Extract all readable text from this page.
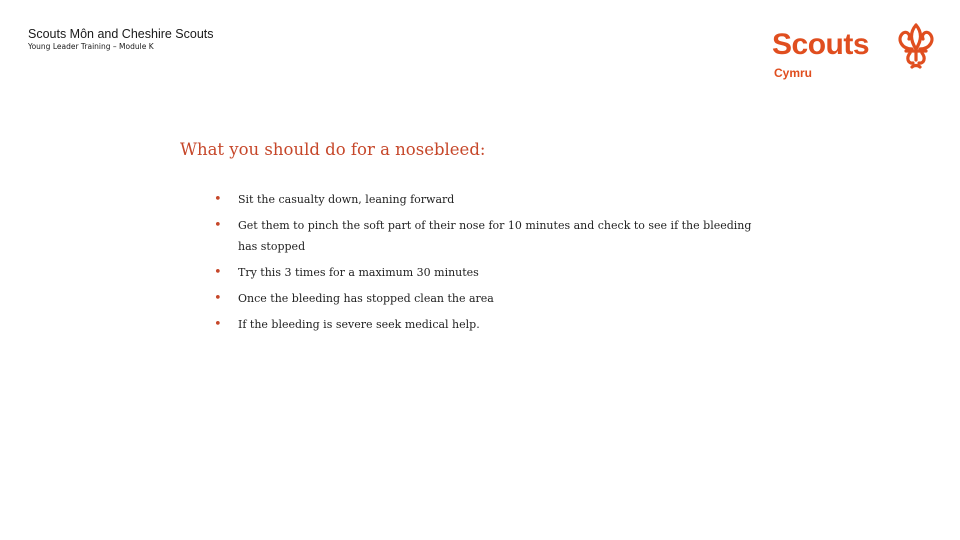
Scouts Môn and Cheshire Scouts
Young Leader Training – Module K	Scouts
Cymru
What you should do for a nosebleed:
• Sit the casualty down, leaning forward
• Get them to pinch the soft part of their nose for 10 minutes and check to see if the bleeding has stopped
• Try this 3 times for a maximum 30 minutes
• Once the bleeding has stopped clean the area
• If the bleeding is severe seek medical help.
